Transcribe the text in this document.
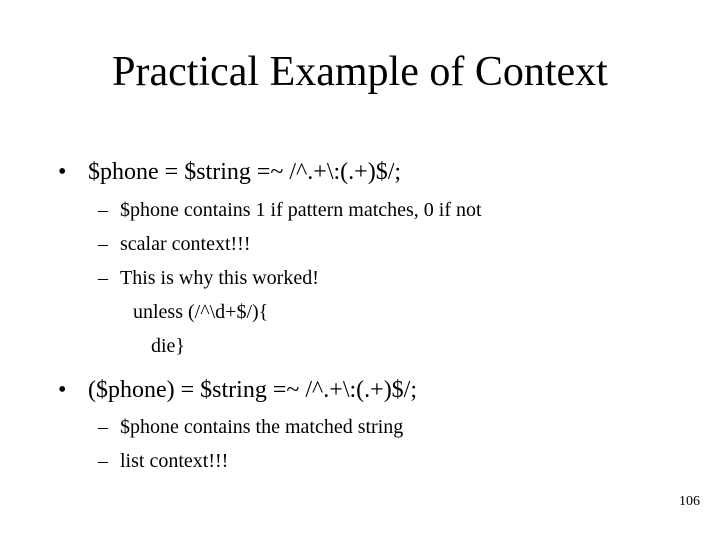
Practical Example of Context
• $phone = $string =~ /^.+\:(.+)$/;
– $phone contains 1 if pattern matches, 0 if not
– scalar context!!!
– This is why this worked!
unless (/^\d+$/){
die}
• ($phone) = $string =~ /^.+\:(.+)$/;
– $phone contains the matched string
– list context!!!
106
